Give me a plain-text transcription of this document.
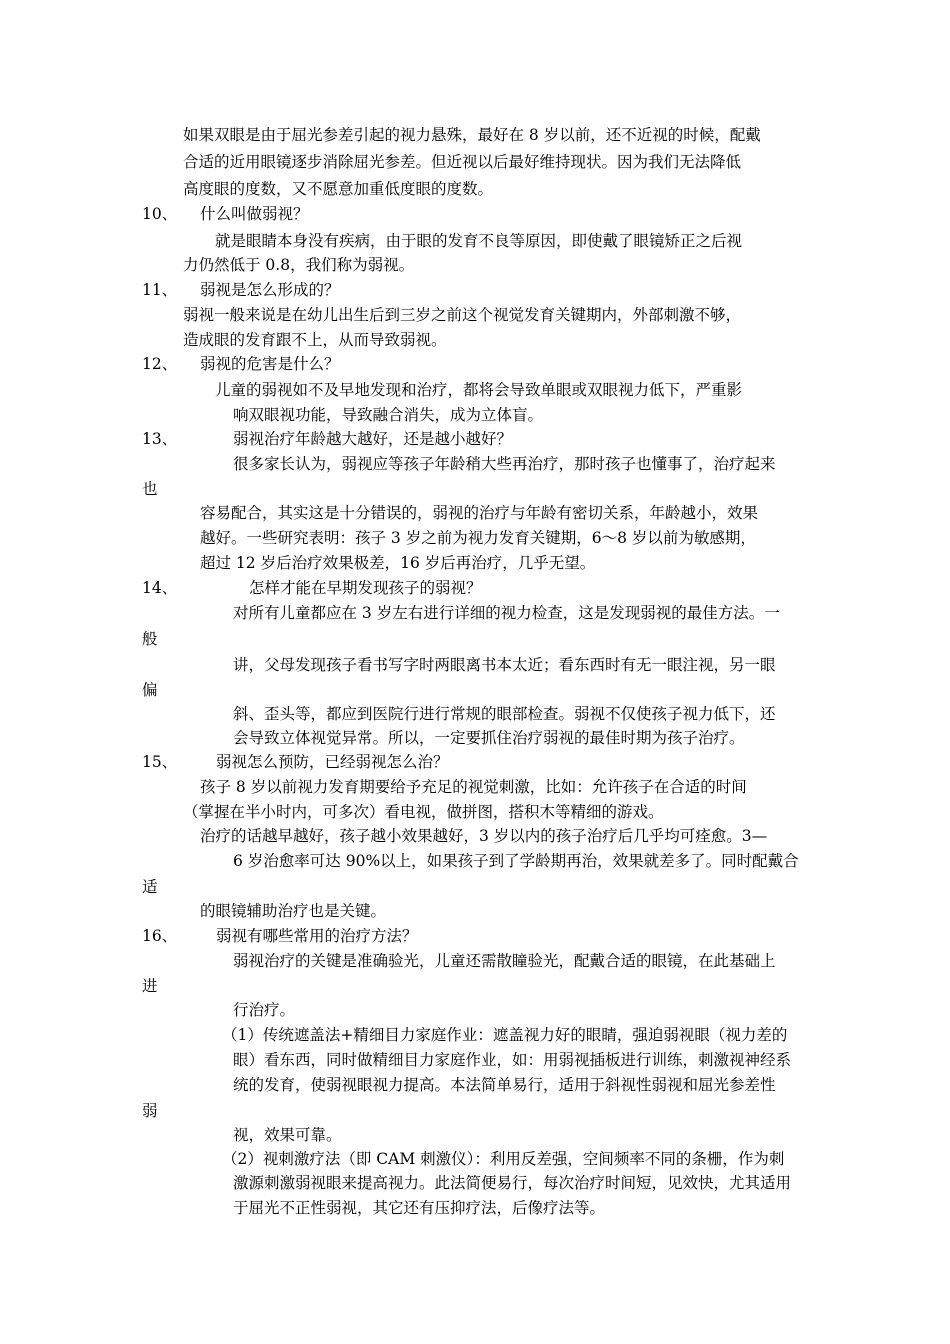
如果双眼是由于屈光参差引起的视力悬殊，最好在 8 岁以前，还不近视的时候，配戴
合适的近用眼镜逐步消除屈光参差。但近视以后最好维持现状。因为我们无法降低
高度眼的度数，又不愿意加重低度眼的度数。
10、 什么叫做弱视？
就是眼睛本身没有疾病，由于眼的发育不良等原因，即使戴了眼镜矫正之后视
力仍然低于 0.8，我们称为弱视。
11、 弱视是怎么形成的？
弱视一般来说是在幼儿出生后到三岁之前这个视觉发育关键期内，外部刺激不够，
造成眼的发育跟不上，从而导致弱视。
12、 弱视的危害是什么？
儿童的弱视如不及早地发现和治疗，都将会导致单眼或双眼视力低下，严重影
响双眼视功能，导致融合消失，成为立体盲。
13、	弱视治疗年龄越大越好，还是越小越好？
很多家长认为，弱视应等孩子年龄稍大些再治疗，那时孩子也懂事了，治疗起来
也
容易配合，其实这是十分错误的，弱视的治疗与年龄有密切关系，年龄越小，效果
越好。一些研究表明：孩子 3 岁之前为视力发育关键期，6～8 岁以前为敏感期，
超过 12 岁后治疗效果极差，16 岁后再治疗，几乎无望。
14、	怎样才能在早期发现孩子的弱视？
对所有儿童都应在 3 岁左右进行详细的视力检查，这是发现弱视的最佳方法。一
般
讲，父母发现孩子看书写字时两眼离书本太近；看东西时有无一眼注视，另一眼
偏
斜、歪头等，都应到医院行进行常规的眼部检查。弱视不仅使孩子视力低下，还
会导致立体视觉异常。所以，一定要抓住治疗弱视的最佳时期为孩子治疗。
15、	弱视怎么预防，已经弱视怎么治？
孩子 8 岁以前视力发育期要给予充足的视觉刺激，比如：允许孩子在合适的时间
（掌握在半小时内，可多次）看电视，做拼图，搭积木等精细的游戏。
治疗的话越早越好，孩子越小效果越好，3 岁以内的孩子治疗后几乎均可痊愈。3—
6 岁治愈率可达 90%以上，如果孩子到了学龄期再治，效果就差多了。同时配戴合
适
的眼镜辅助治疗也是关键。
16、	弱视有哪些常用的治疗方法？
弱视治疗的关键是准确验光，儿童还需散瞳验光，配戴合适的眼镜，在此基础上
进
行治疗。
（1）传统遮盖法+精细目力家庭作业：遮盖视力好的眼睛，强迫弱视眼（视力差的
眼）看东西，同时做精细目力家庭作业，如：用弱视插板进行训练，刺激视神经系
统的发育，使弱视眼视力提高。本法简单易行，适用于斜视性弱视和屈光参差性
弱
视，效果可靠。
（2）视刺激疗法（即 CAM 刺激仪）：利用反差强，空间频率不同的条栅，作为刺
激源刺激弱视眼来提高视力。此法简便易行，每次治疗时间短，见效快，尤其适用
于屈光不正性弱视，其它还有压抑疗法，后像疗法等。
